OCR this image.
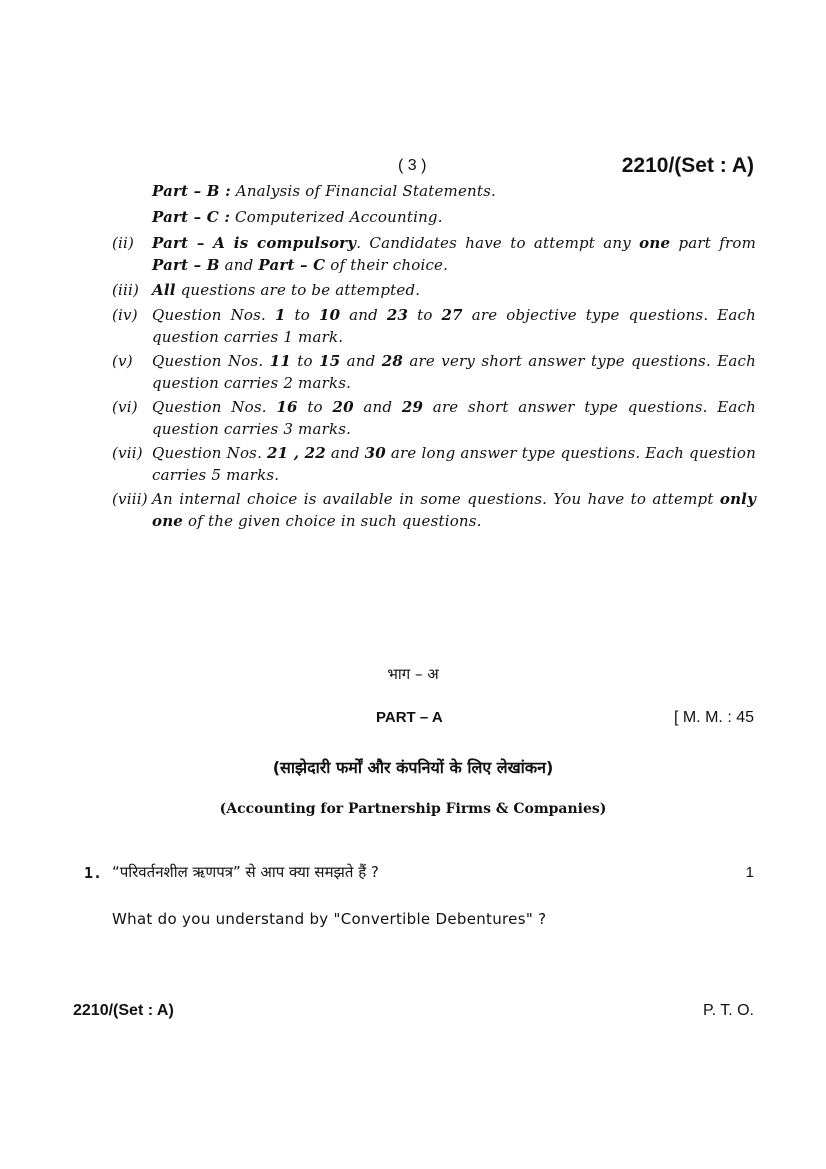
( 3 )	2210/(Set : A)
Part – B : Analysis of Financial Statements.
Part – C : Computerized Accounting.
(ii)	Part – A is compulsory. Candidates have to attempt any one part from Part – B and Part – C of their choice.
(iii) All questions are to be attempted.
(iv) Question Nos. 1 to 10 and 23 to 27 are objective type questions. Each question carries 1 mark.
(v)	Question Nos. 11 to 15 and 28 are very short answer type questions. Each question carries 2 marks.
(vi) Question Nos. 16 to 20 and 29 are short answer type questions. Each question carries 3 marks.
(vii) Question Nos. 21 , 22 and 30 are long answer type questions. Each question carries 5 marks.
(viii) An internal choice is available in some questions. You have to attempt only one of the given choice in such questions.
भाग – अ
PART – A	[ M. M. : 45
(साझेदारी फर्मों और कंपनियों के लिए लेखांकन)
(Accounting for Partnership Firms & Companies)
1. “परिवर्तनशील ऋणपत्र” से आप क्या समझते हैं ?	1
What do you understand by "Convertible Debentures" ?
2210/(Set : A)	P. T. O.
